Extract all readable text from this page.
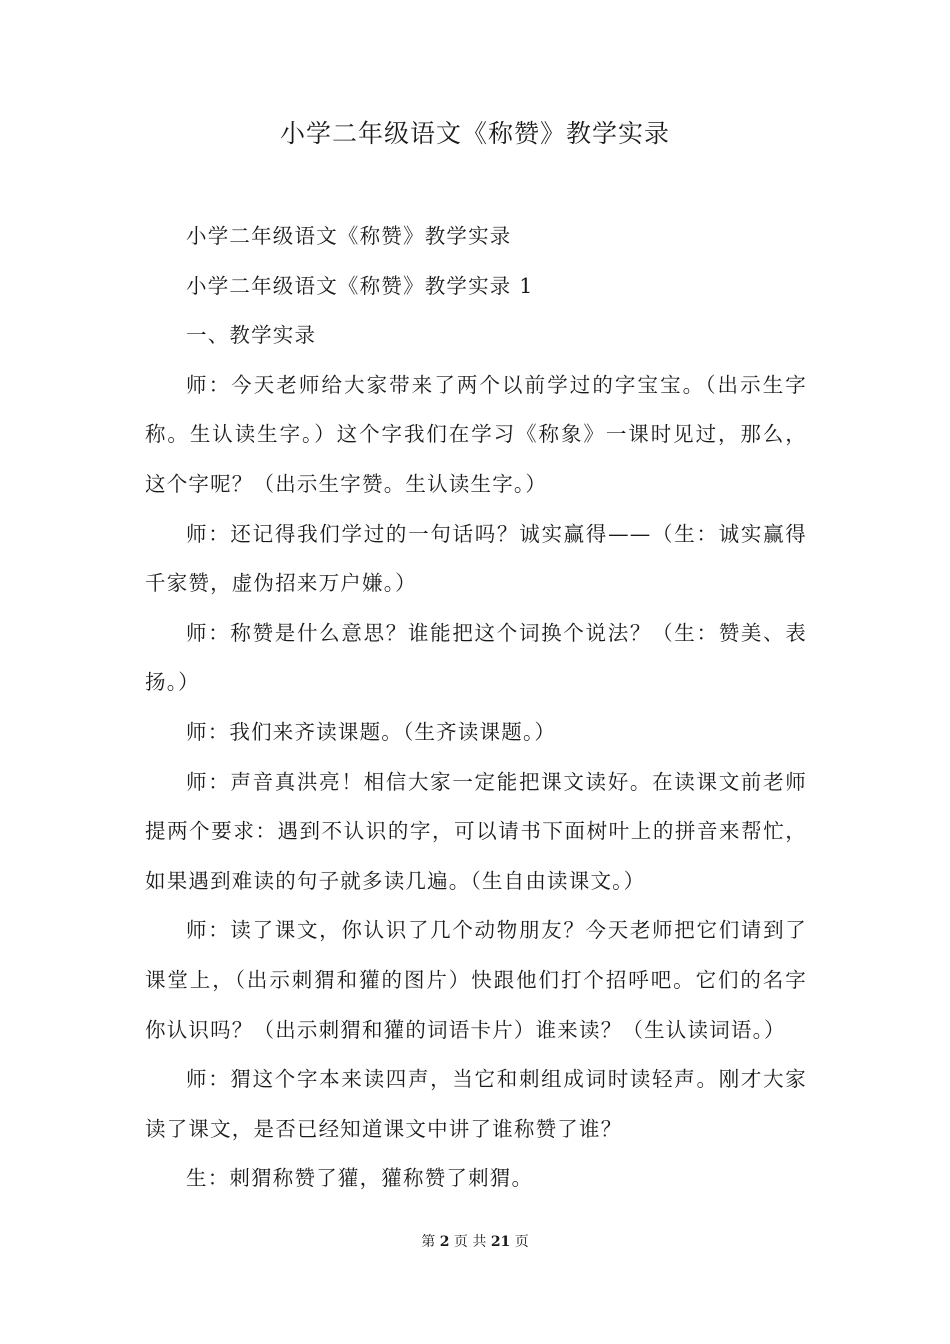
小学二年级语文《称赞》教学实录

小学二年级语文《称赞》教学实录

小学二年级语文《称赞》教学实录 1

一、教学实录

师：今天老师给大家带来了两个以前学过的字宝宝。（出示生字称。生认读生字。）这个字我们在学习《称象》一课时见过，那么，这个字呢？（出示生字赞。生认读生字。）

师：还记得我们学过的一句话吗？诚实赢得——（生：诚实赢得千家赞，虚伪招来万户嫌。）

师：称赞是什么意思？谁能把这个词换个说法？（生：赞美、表扬。）

师：我们来齐读课题。（生齐读课题。）

师：声音真洪亮！相信大家一定能把课文读好。在读课文前老师提两个要求：遇到不认识的字，可以请书下面树叶上的拼音来帮忙，如果遇到难读的句子就多读几遍。（生自由读课文。）

师：读了课文，你认识了几个动物朋友？今天老师把它们请到了课堂上，（出示刺猬和獾的图片）快跟他们打个招呼吧。它们的名字你认识吗？（出示刺猬和獾的词语卡片）谁来读？（生认读词语。）

师：猬这个字本来读四声，当它和刺组成词时读轻声。刚才大家读了课文，是否已经知道课文中讲了谁称赞了谁？

生：刺猬称赞了獾，獾称赞了刺猬。

第 2 页 共 21 页
